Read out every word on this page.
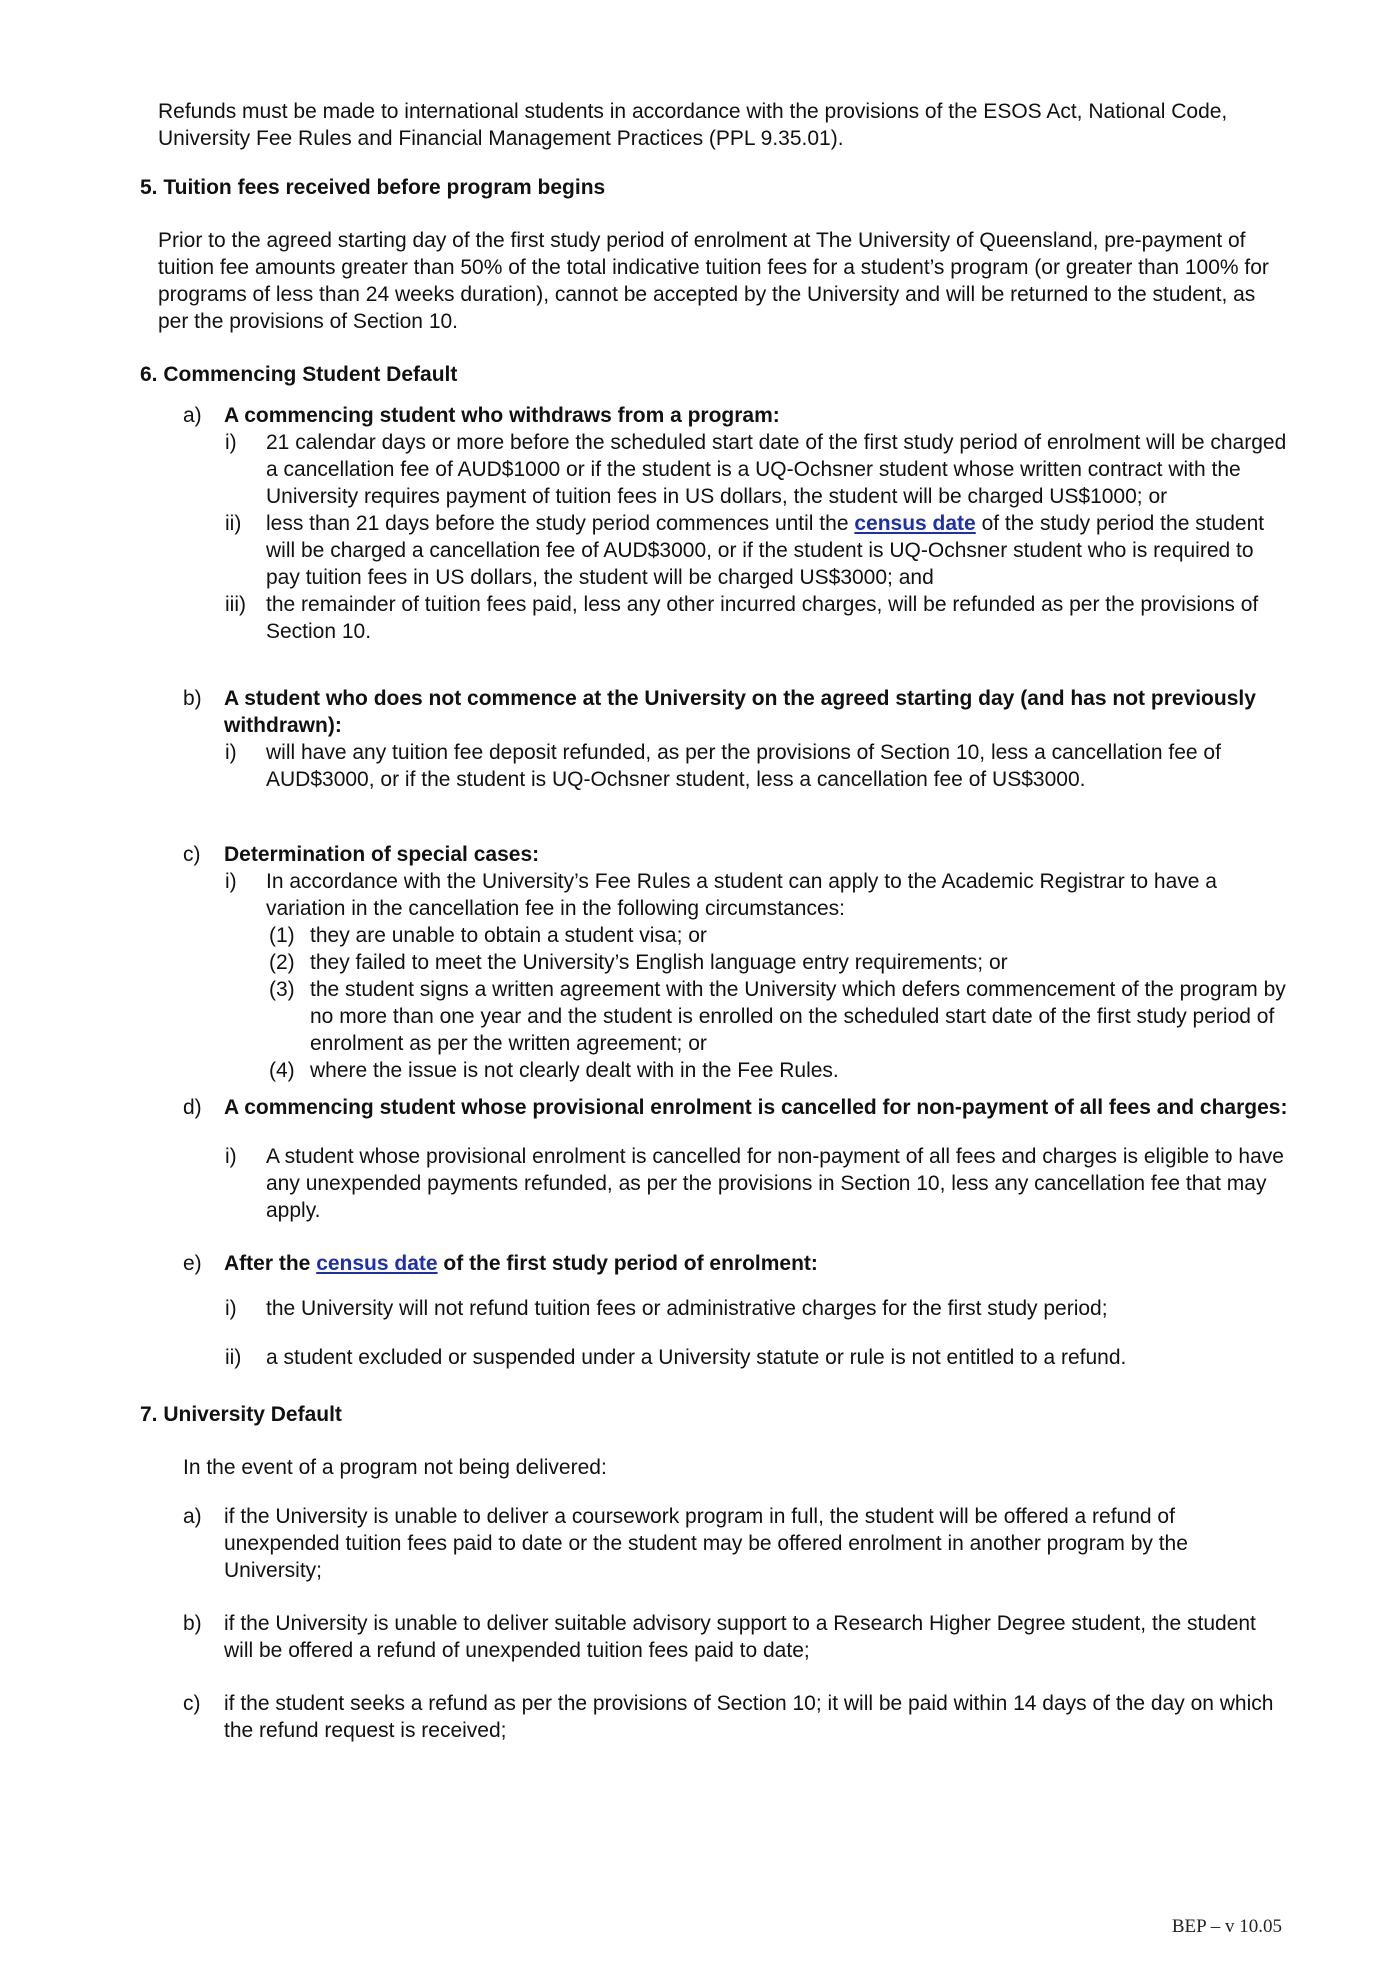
Refunds must be made to international students in accordance with the provisions of the ESOS Act, National Code, University Fee Rules and Financial Management Practices (PPL 9.35.01).

5. Tuition fees received before program begins

Prior to the agreed starting day of the first study period of enrolment at The University of Queensland, pre-payment of tuition fee amounts greater than 50% of the total indicative tuition fees for a student’s program (or greater than 100% for programs of less than 24 weeks duration), cannot be accepted by the University and will be returned to the student, as per the provisions of Section 10.

6. Commencing Student Default

a) A commencing student who withdraws from a program:
i) 21 calendar days or more before the scheduled start date of the first study period of enrolment will be charged a cancellation fee of AUD$1000 or if the student is a UQ-Ochsner student whose written contract with the University requires payment of tuition fees in US dollars, the student will be charged US$1000; or
ii) less than 21 days before the study period commences until the census date of the study period the student will be charged a cancellation fee of AUD$3000, or if the student is UQ-Ochsner student who is required to pay tuition fees in US dollars, the student will be charged US$3000; and
iii) the remainder of tuition fees paid, less any other incurred charges, will be refunded as per the provisions of Section 10.
b) A student who does not commence at the University on the agreed starting day (and has not previously withdrawn):
i) will have any tuition fee deposit refunded, as per the provisions of Section 10, less a cancellation fee of AUD$3000, or if the student is UQ-Ochsner student, less a cancellation fee of US$3000.
c) Determination of special cases:
i) In accordance with the University’s Fee Rules a student can apply to the Academic Registrar to have a variation in the cancellation fee in the following circumstances:
(1) they are unable to obtain a student visa; or
(2) they failed to meet the University’s English language entry requirements; or
(3) the student signs a written agreement with the University which defers commencement of the program by no more than one year and the student is enrolled on the scheduled start date of the first study period of enrolment as per the written agreement; or
(4) where the issue is not clearly dealt with in the Fee Rules.
d) A commencing student whose provisional enrolment is cancelled for non-payment of all fees and charges:
i) A student whose provisional enrolment is cancelled for non-payment of all fees and charges is eligible to have any unexpended payments refunded, as per the provisions in Section 10, less any cancellation fee that may apply.
e) After the census date of the first study period of enrolment:
i) the University will not refund tuition fees or administrative charges for the first study period;
ii) a student excluded or suspended under a University statute or rule is not entitled to a refund.

7. University Default

In the event of a program not being delivered:

a) if the University is unable to deliver a coursework program in full, the student will be offered a refund of unexpended tuition fees paid to date or the student may be offered enrolment in another program by the University;
b) if the University is unable to deliver suitable advisory support to a Research Higher Degree student, the student will be offered a refund of unexpended tuition fees paid to date;
c) if the student seeks a refund as per the provisions of Section 10; it will be paid within 14 days of the day on which the refund request is received;
BEP – v 10.05
